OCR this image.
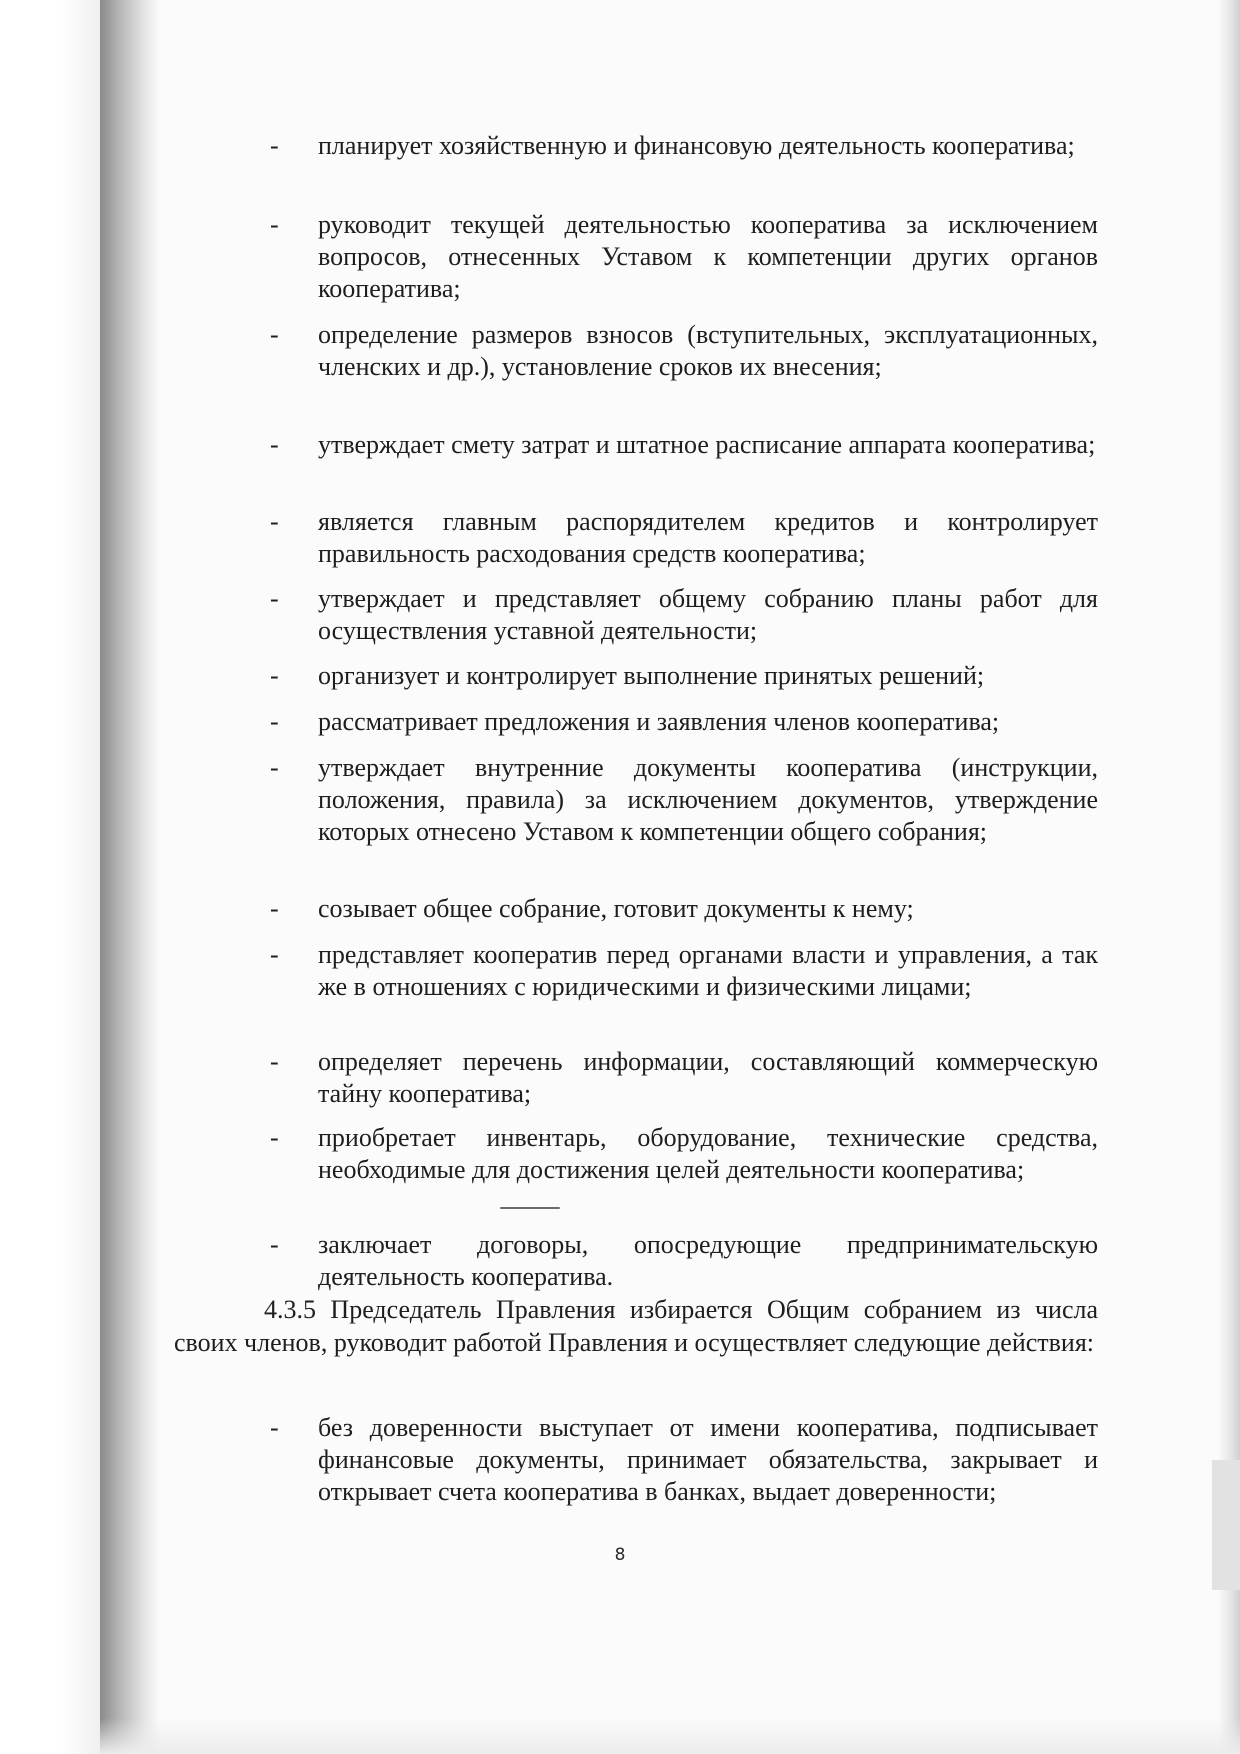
- планирует хозяйственную и финансовую деятельность кооператива;
- руководит текущей деятельностью кооператива за исключением вопросов, отнесенных Уставом к компетенции других органов кооператива;
- определение размеров взносов (вступительных, эксплуатационных, членских и др.), установление сроков их внесения;
- утверждает смету затрат и штатное расписание аппарата кооператива;
- является главным распорядителем кредитов и контролирует правильность расходования средств кооператива;
- утверждает и представляет общему собранию планы работ для осуществления уставной деятельности;
- организует и контролирует выполнение принятых решений;
- рассматривает предложения и заявления членов кооператива;
- утверждает внутренние документы кооператива (инструкции, положения, правила) за исключением документов, утверждение которых отнесено Уставом к компетенции общего собрания;
- созывает общее собрание, готовит документы к нему;
- представляет кооператив перед органами власти и управления, а так же в отношениях с юридическими и физическими лицами;
- определяет перечень информации, составляющий коммерческую тайну кооператива;
- приобретает инвентарь, оборудование, технические средства, необходимые для достижения целей деятельности кооператива;
- заключает договоры, опосредующие предпринимательскую деятельность кооператива.
4.3.5 Председатель Правления избирается Общим собранием из числа своих членов, руководит работой Правления и осуществляет следующие действия:
- без доверенности выступает от имени кооператива, подписывает финансовые документы, принимает обязательства, закрывает и открывает счета кооператива в банках, выдает доверенности;
8
